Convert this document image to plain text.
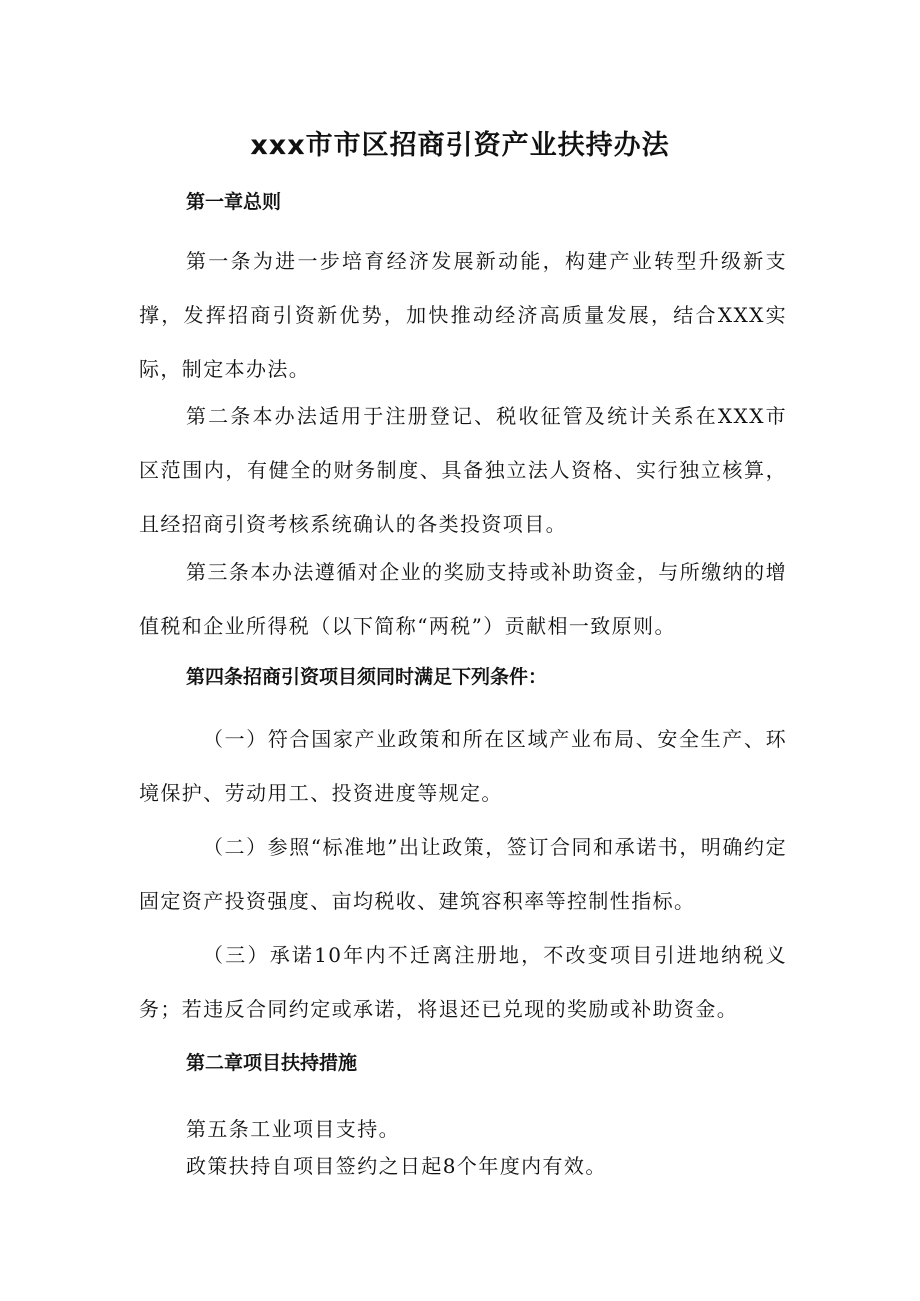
xxx市市区招商引资产业扶持办法
第一章总则
第一条为进一步培育经济发展新动能，构建产业转型升级新支撑，发挥招商引资新优势，加快推动经济高质量发展，结合XXX实际，制定本办法。
第二条本办法适用于注册登记、税收征管及统计关系在XXX市区范围内，有健全的财务制度、具备独立法人资格、实行独立核算，且经招商引资考核系统确认的各类投资项目。
第三条本办法遵循对企业的奖励支持或补助资金，与所缴纳的增值税和企业所得税（以下简称“两税”）贡献相一致原则。
第四条招商引资项目须同时满足下列条件：
（一）符合国家产业政策和所在区域产业布局、安全生产、环境保护、劳动用工、投资进度等规定。
（二）参照“标准地”出让政策，签订合同和承诺书，明确约定固定资产投资强度、亩均税收、建筑容积率等控制性指标。
（三）承诺10年内不迁离注册地，不改变项目引进地纳税义务；若违反合同约定或承诺，将退还已兑现的奖励或补助资金。
第二章项目扶持措施
第五条工业项目支持。
政策扶持自项目签约之日起8个年度内有效。
